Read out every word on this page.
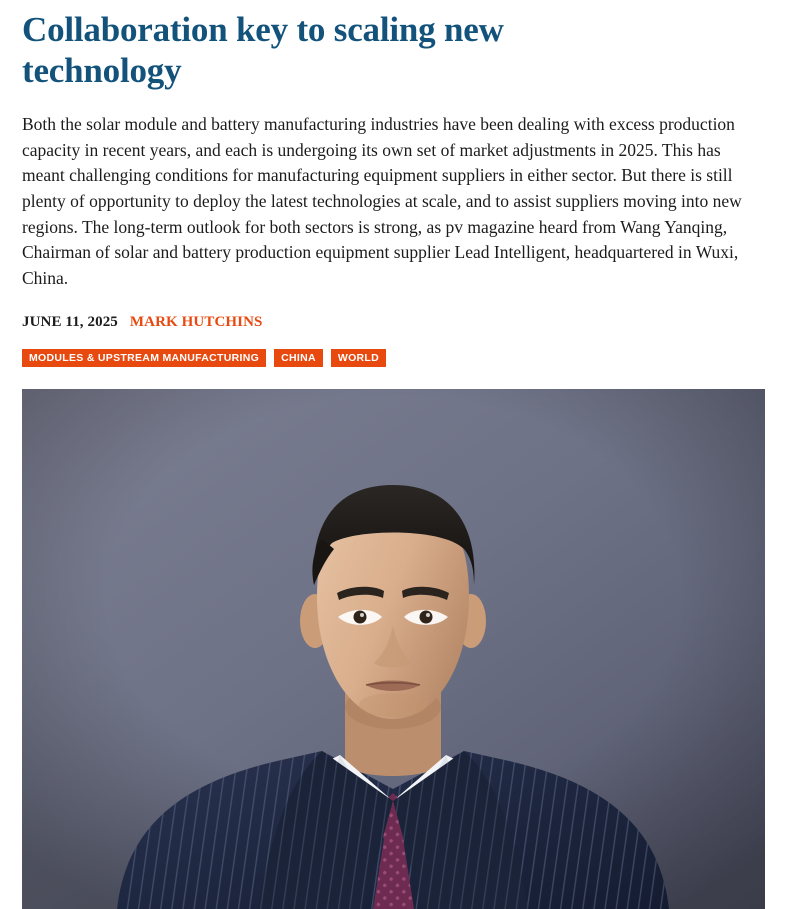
Collaboration key to scaling new technology

Both the solar module and battery manufacturing industries have been dealing with excess production capacity in recent years, and each is undergoing its own set of market adjustments in 2025. This has meant challenging conditions for manufacturing equipment suppliers in either sector. But there is still plenty of opportunity to deploy the latest technologies at scale, and to assist suppliers moving into new regions. The long-term outlook for both sectors is strong, as pv magazine heard from Wang Yanqing, Chairman of solar and battery production equipment supplier Lead Intelligent, headquartered in Wuxi, China.

JUNE 11, 2025 MARK HUTCHINS
MODULES & UPSTREAM MANUFACTURING	CHINA	WORLD
